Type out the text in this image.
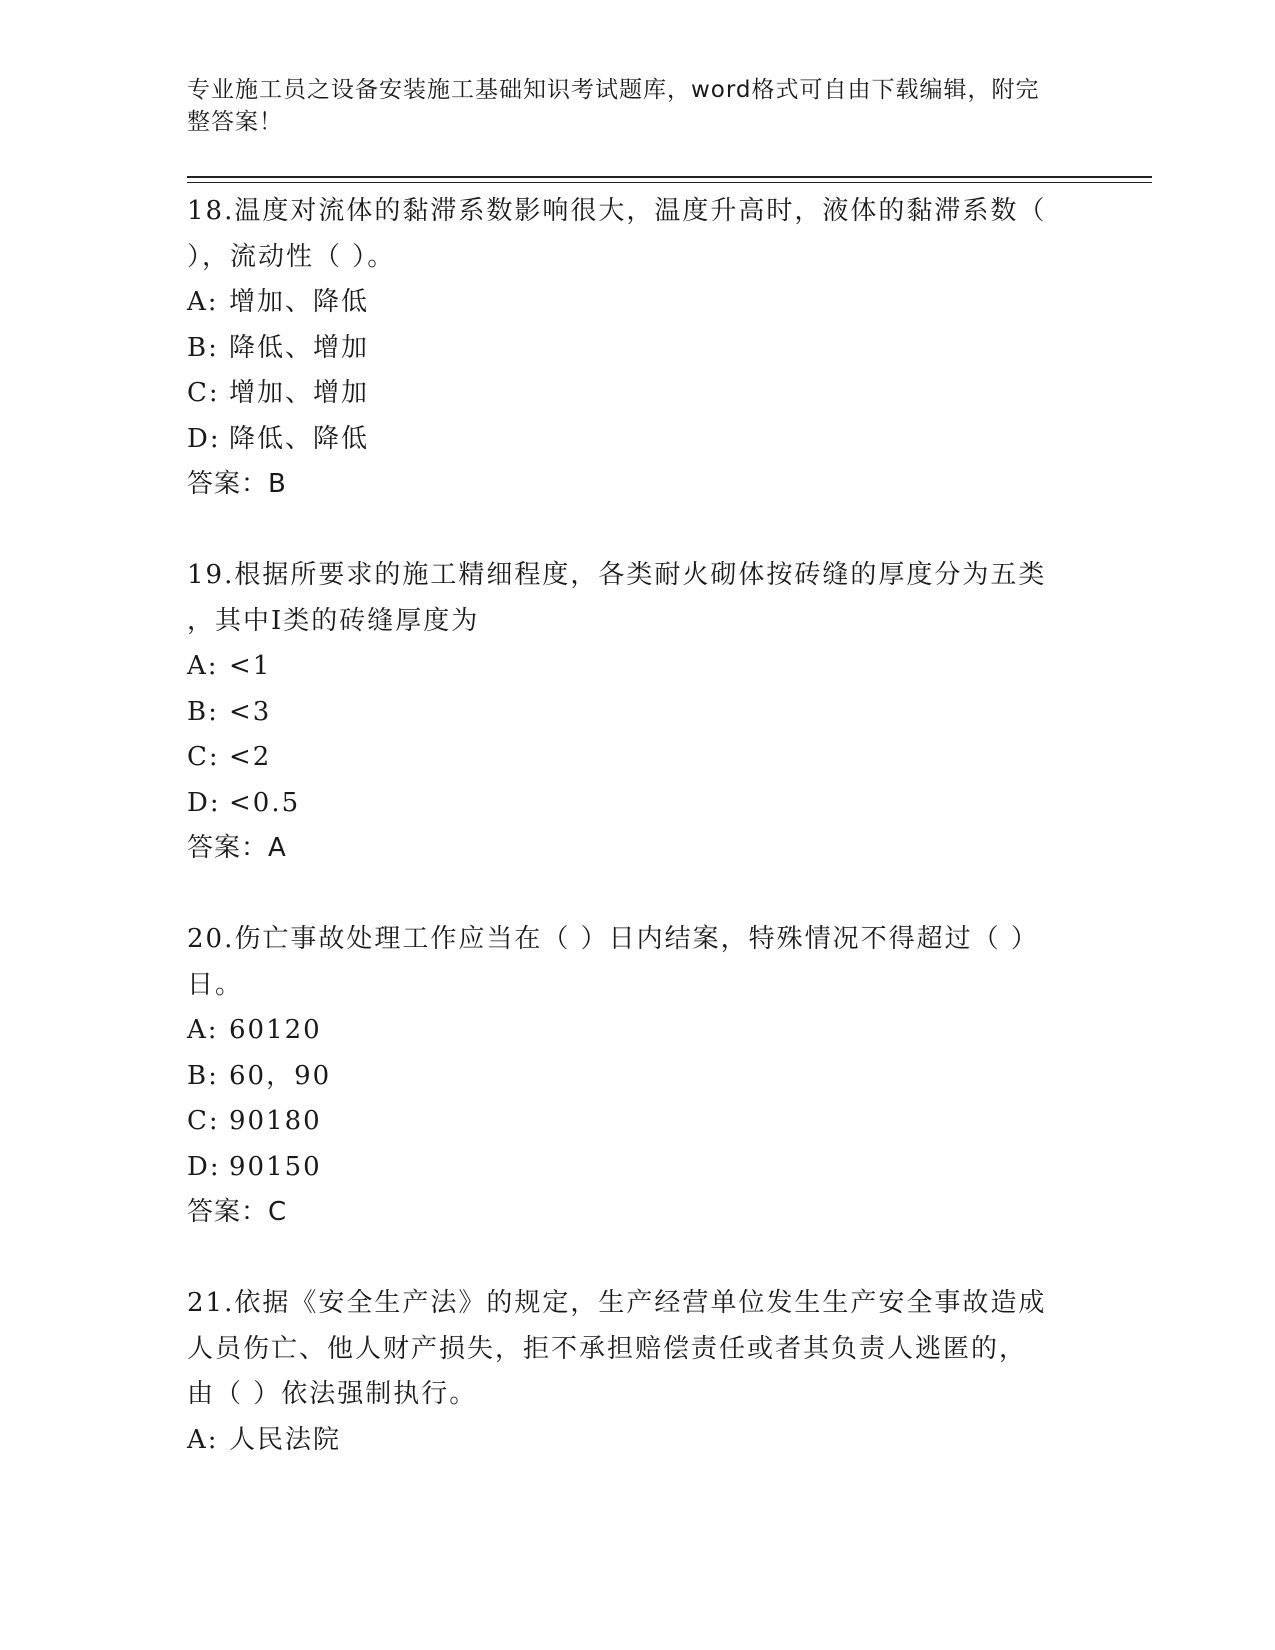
专业施工员之设备安装施工基础知识考试题库，word格式可自由下载编辑，附完
整答案！
18.温度对流体的黏滞系数影响很大，温度升高时，液体的黏滞系数（
），流动性（ ）。
A: 增加、降低
B: 降低、增加
C: 增加、增加
D: 降低、降低
答案：B
19.根据所要求的施工精细程度，各类耐火砌体按砖缝的厚度分为五类
，其中I类的砖缝厚度为
A: <1
B: <3
C: <2
D: <0.5
答案：A
20.伤亡事故处理工作应当在（ ）日内结案，特殊情况不得超过（ ）
日。
A: 60120
B: 60，90
C: 90180
D: 90150
答案：C
21.依据《安全生产法》的规定，生产经营单位发生生产安全事故造成
人员伤亡、他人财产损失，拒不承担赔偿责任或者其负责人逃匿的，
由（ ）依法强制执行。
A: 人民法院
